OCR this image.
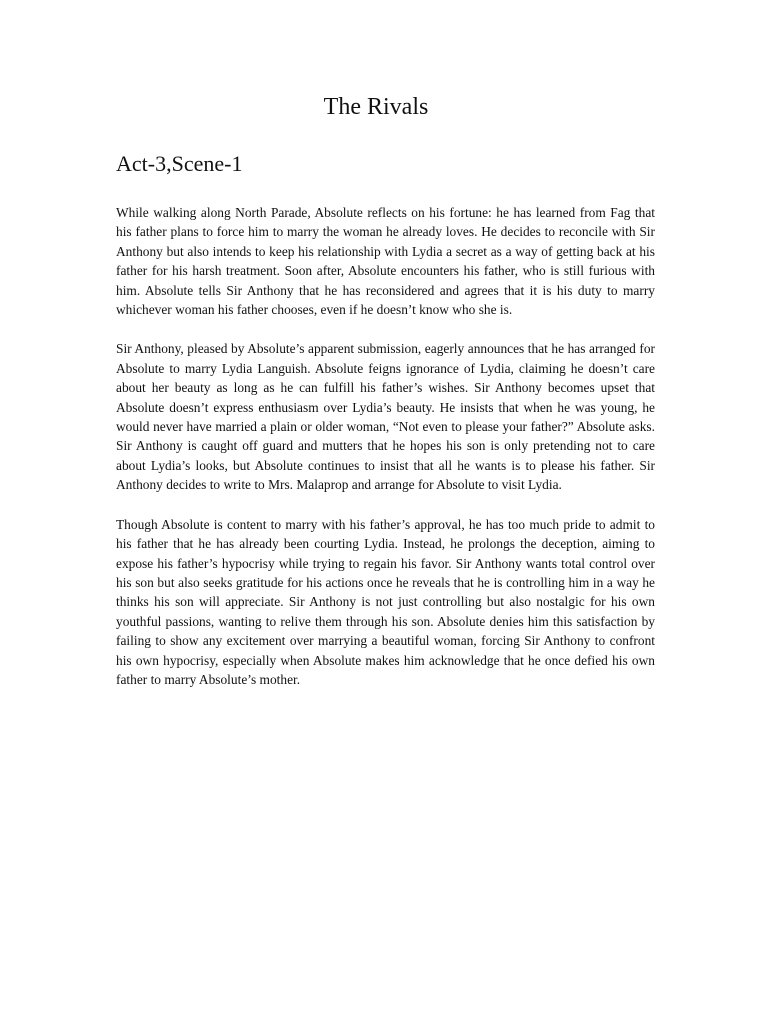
The Rivals
Act-3,Scene-1

While walking along North Parade, Absolute reflects on his fortune: he has learned from Fag that his father plans to force him to marry the woman he already loves. He decides to reconcile with Sir Anthony but also intends to keep his relationship with Lydia a secret as a way of getting back at his father for his harsh treatment. Soon after, Absolute encounters his father, who is still furious with him. Absolute tells Sir Anthony that he has reconsidered and agrees that it is his duty to marry whichever woman his father chooses, even if he doesn’t know who she is.

Sir Anthony, pleased by Absolute’s apparent submission, eagerly announces that he has arranged for Absolute to marry Lydia Languish. Absolute feigns ignorance of Lydia, claiming he doesn’t care about her beauty as long as he can fulfill his father’s wishes. Sir Anthony becomes upset that Absolute doesn’t express enthusiasm over Lydia’s beauty. He insists that when he was young, he would never have married a plain or older woman, “Not even to please your father?” Absolute asks. Sir Anthony is caught off guard and mutters that he hopes his son is only pretending not to care about Lydia’s looks, but Absolute continues to insist that all he wants is to please his father. Sir Anthony decides to write to Mrs. Malaprop and arrange for Absolute to visit Lydia.

Though Absolute is content to marry with his father’s approval, he has too much pride to admit to his father that he has already been courting Lydia. Instead, he prolongs the deception, aiming to expose his father’s hypocrisy while trying to regain his favor. Sir Anthony wants total control over his son but also seeks gratitude for his actions once he reveals that he is controlling him in a way he thinks his son will appreciate. Sir Anthony is not just controlling but also nostalgic for his own youthful passions, wanting to relive them through his son. Absolute denies him this satisfaction by failing to show any excitement over marrying a beautiful woman, forcing Sir Anthony to confront his own hypocrisy, especially when Absolute makes him acknowledge that he once defied his own father to marry Absolute’s mother.
